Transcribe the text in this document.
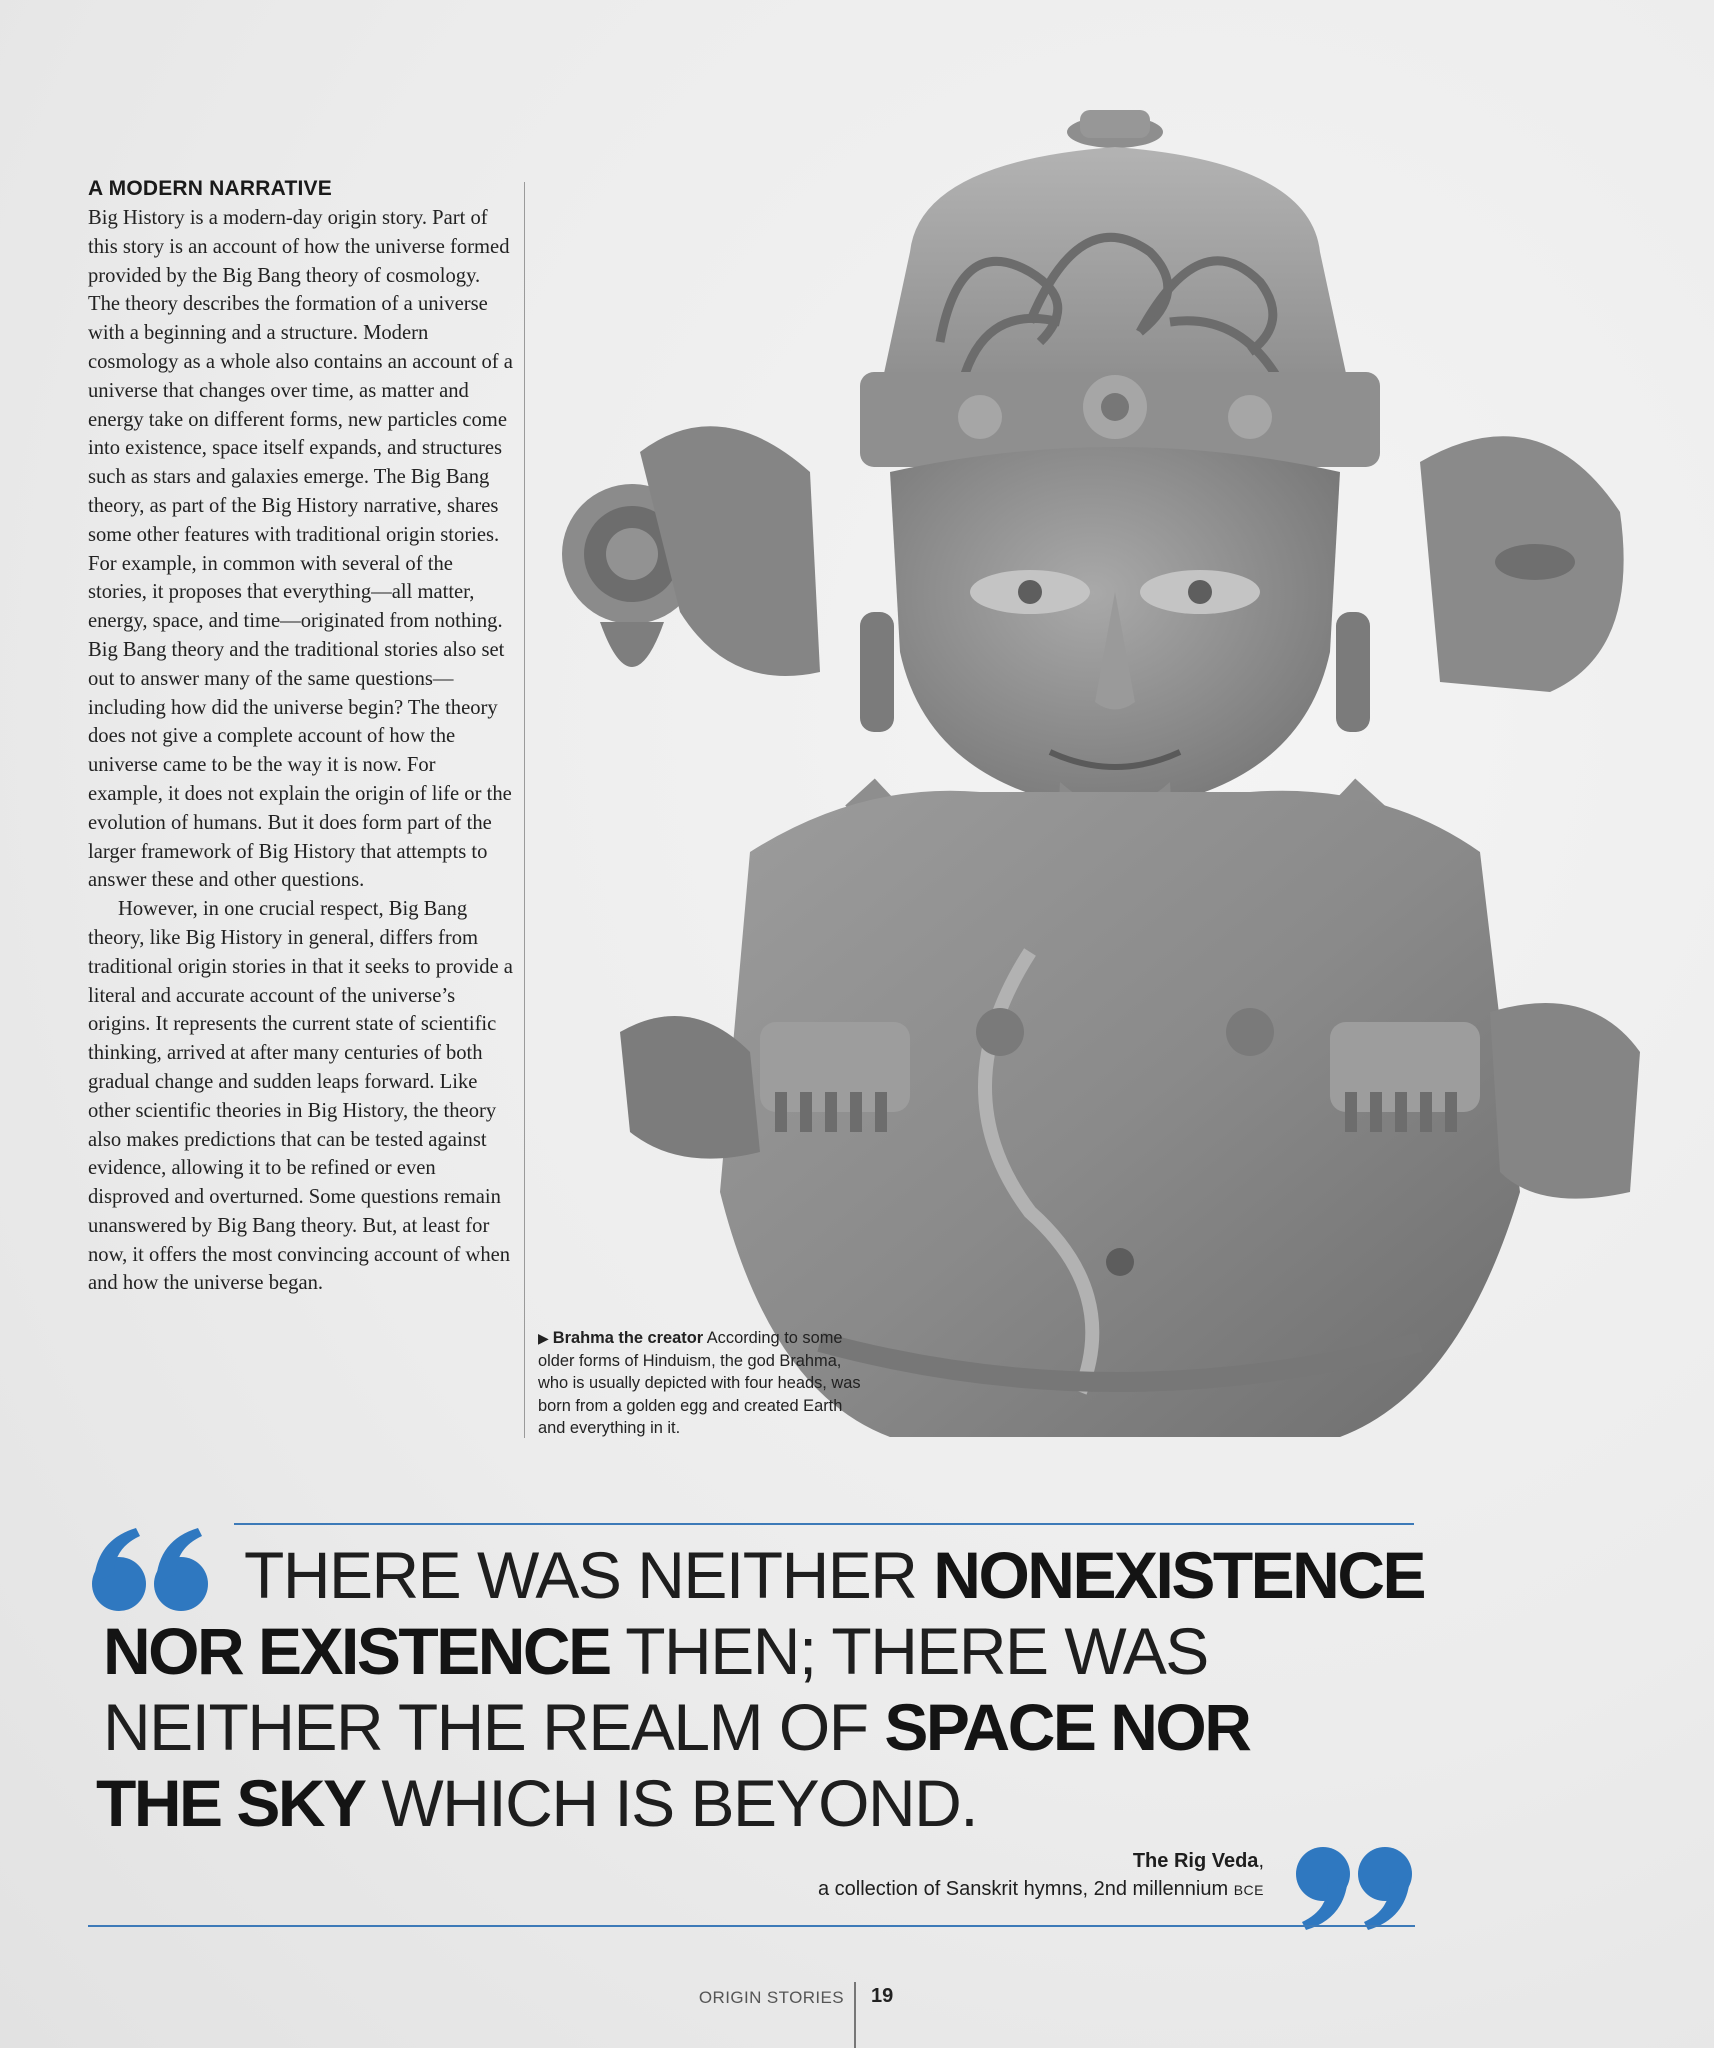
A MODERN NARRATIVE

Big History is a modern-day origin story. Part of this story is an account of how the universe formed provided by the Big Bang theory of cosmology. The theory describes the formation of a universe with a beginning and a structure. Modern cosmology as a whole also contains an account of a universe that changes over time, as matter and energy take on different forms, new particles come into existence, space itself expands, and structures such as stars and galaxies emerge. The Big Bang theory, as part of the Big History narrative, shares some other features with traditional origin stories. For example, in common with several of the stories, it proposes that everything—all matter, energy, space, and time—originated from nothing. Big Bang theory and the traditional stories also set out to answer many of the same questions—including how did the universe begin? The theory does not give a complete account of how the universe came to be the way it is now. For example, it does not explain the origin of life or the evolution of humans. But it does form part of the larger framework of Big History that attempts to answer these and other questions.

However, in one crucial respect, Big Bang theory, like Big History in general, differs from traditional origin stories in that it seeks to provide a literal and accurate account of the universe’s origins. It represents the current state of scientific thinking, arrived at after many centuries of both gradual change and sudden leaps forward. Like other scientific theories in Big History, the theory also makes predictions that can be tested against evidence, allowing it to be refined or even disproved and overturned. Some questions remain unanswered by Big Bang theory. But, at least for now, it offers the most convincing account of when and how the universe began.

▶ Brahma the creator According to some older forms of Hinduism, the god Brahma, who is usually depicted with four heads, was born from a golden egg and created Earth and everything in it.
THERE WAS NEITHER NONEXISTENCE
NOR EXISTENCE THEN; THERE WAS
NEITHER THE REALM OF SPACE NOR
THE SKY WHICH IS BEYOND.
The Rig Veda,
a collection of Sanskrit hymns, 2nd millennium BCE
ORIGIN STORIES 19
